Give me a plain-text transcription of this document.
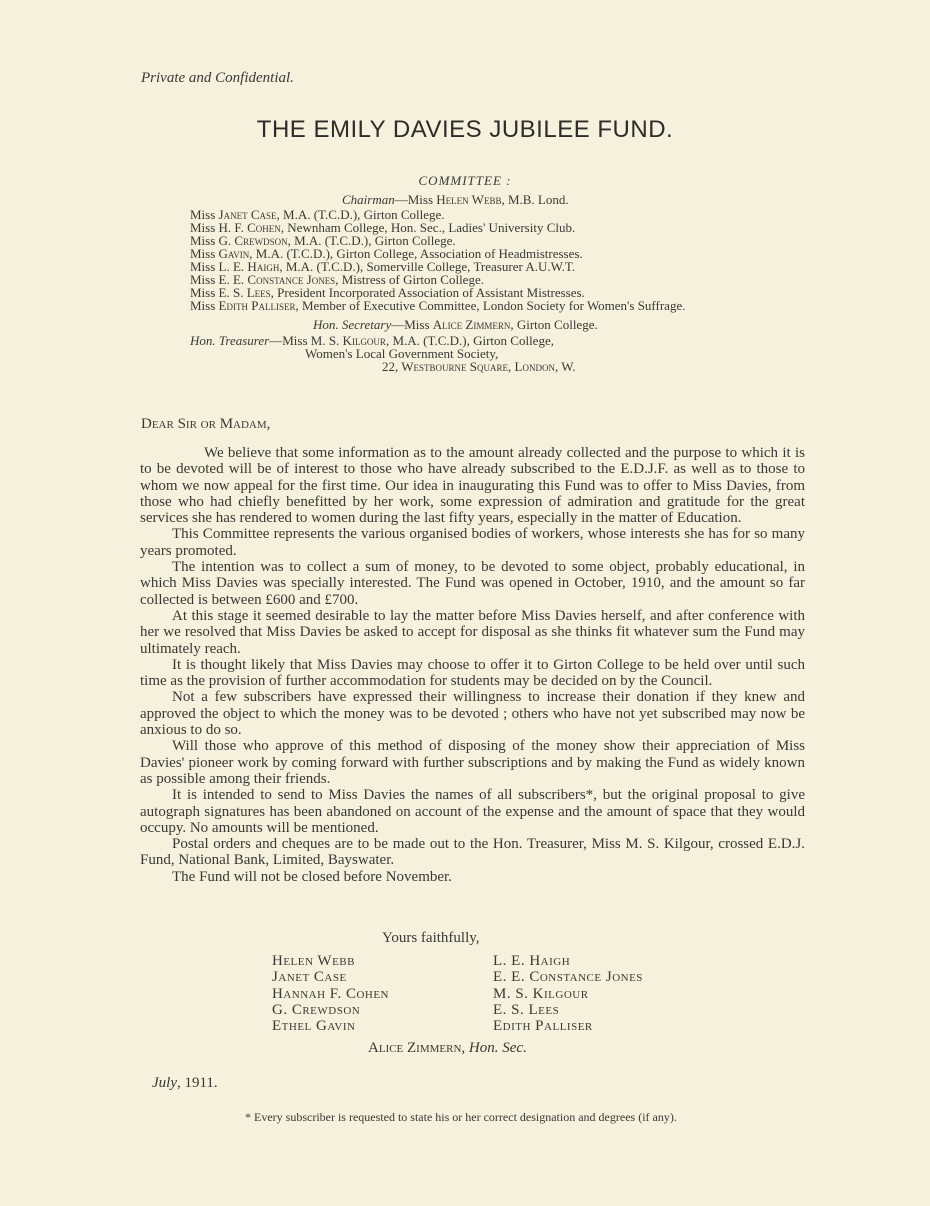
Private and Confidential.
THE EMILY DAVIES JUBILEE FUND.
COMMITTEE :
Chairman—Miss Helen Webb, M.B. Lond.
Miss Janet Case, M.A. (T.C.D.), Girton College.
Miss H. F. Cohen, Newnham College, Hon. Sec., Ladies' University Club.
Miss G. Crewdson, M.A. (T.C.D.), Girton College.
Miss Gavin, M.A. (T.C.D.), Girton College, Association of Headmistresses.
Miss L. E. Haigh, M.A. (T.C.D.), Somerville College, Treasurer A.U.W.T.
Miss E. E. Constance Jones, Mistress of Girton College.
Miss E. S. Lees, President Incorporated Association of Assistant Mistresses.
Miss Edith Palliser, Member of Executive Committee, London Society for Women's Suffrage.
Hon. Secretary—Miss Alice Zimmern, Girton College.
Hon. Treasurer—Miss M. S. Kilgour, M.A. (T.C.D.), Girton College,
Women's Local Government Society,
22, Westbourne Square, London, W.
Dear Sir or Madam,

We believe that some information as to the amount already collected and the purpose to which it is to be devoted will be of interest to those who have already subscribed to the E.D.J.F. as well as to those to whom we now appeal for the first time. Our idea in inaugurating this Fund was to offer to Miss Davies, from those who had chiefly benefitted by her work, some expression of admiration and gratitude for the great services she has rendered to women during the last fifty years, especially in the matter of Education.

This Committee represents the various organised bodies of workers, whose interests she has for so many years promoted.

The intention was to collect a sum of money, to be devoted to some object, probably educational, in which Miss Davies was specially interested. The Fund was opened in October, 1910, and the amount so far collected is between £600 and £700.

At this stage it seemed desirable to lay the matter before Miss Davies herself, and after conference with her we resolved that Miss Davies be asked to accept for disposal as she thinks fit whatever sum the Fund may ultimately reach.

It is thought likely that Miss Davies may choose to offer it to Girton College to be held over until such time as the provision of further accommodation for students may be decided on by the Council.

Not a few subscribers have expressed their willingness to increase their donation if they knew and approved the object to which the money was to be devoted ; others who have not yet subscribed may now be anxious to do so.

Will those who approve of this method of disposing of the money show their appreciation of Miss Davies' pioneer work by coming forward with further subscriptions and by making the Fund as widely known as possible among their friends.

It is intended to send to Miss Davies the names of all subscribers*, but the original proposal to give autograph signatures has been abandoned on account of the expense and the amount of space that they would occupy. No amounts will be mentioned.

Postal orders and cheques are to be made out to the Hon. Treasurer, Miss M. S. Kilgour, crossed E.D.J. Fund, National Bank, Limited, Bayswater.

The Fund will not be closed before November.

Yours faithfully,
Helen Webb
Janet Case
Hannah F. Cohen
G. Crewdson
Ethel Gavin
L. E. Haigh
E. E. Constance Jones
M. S. Kilgour
E. S. Lees
Edith Palliser
Alice Zimmern, Hon. Sec.
July, 1911.
* Every subscriber is requested to state his or her correct designation and degrees (if any).
